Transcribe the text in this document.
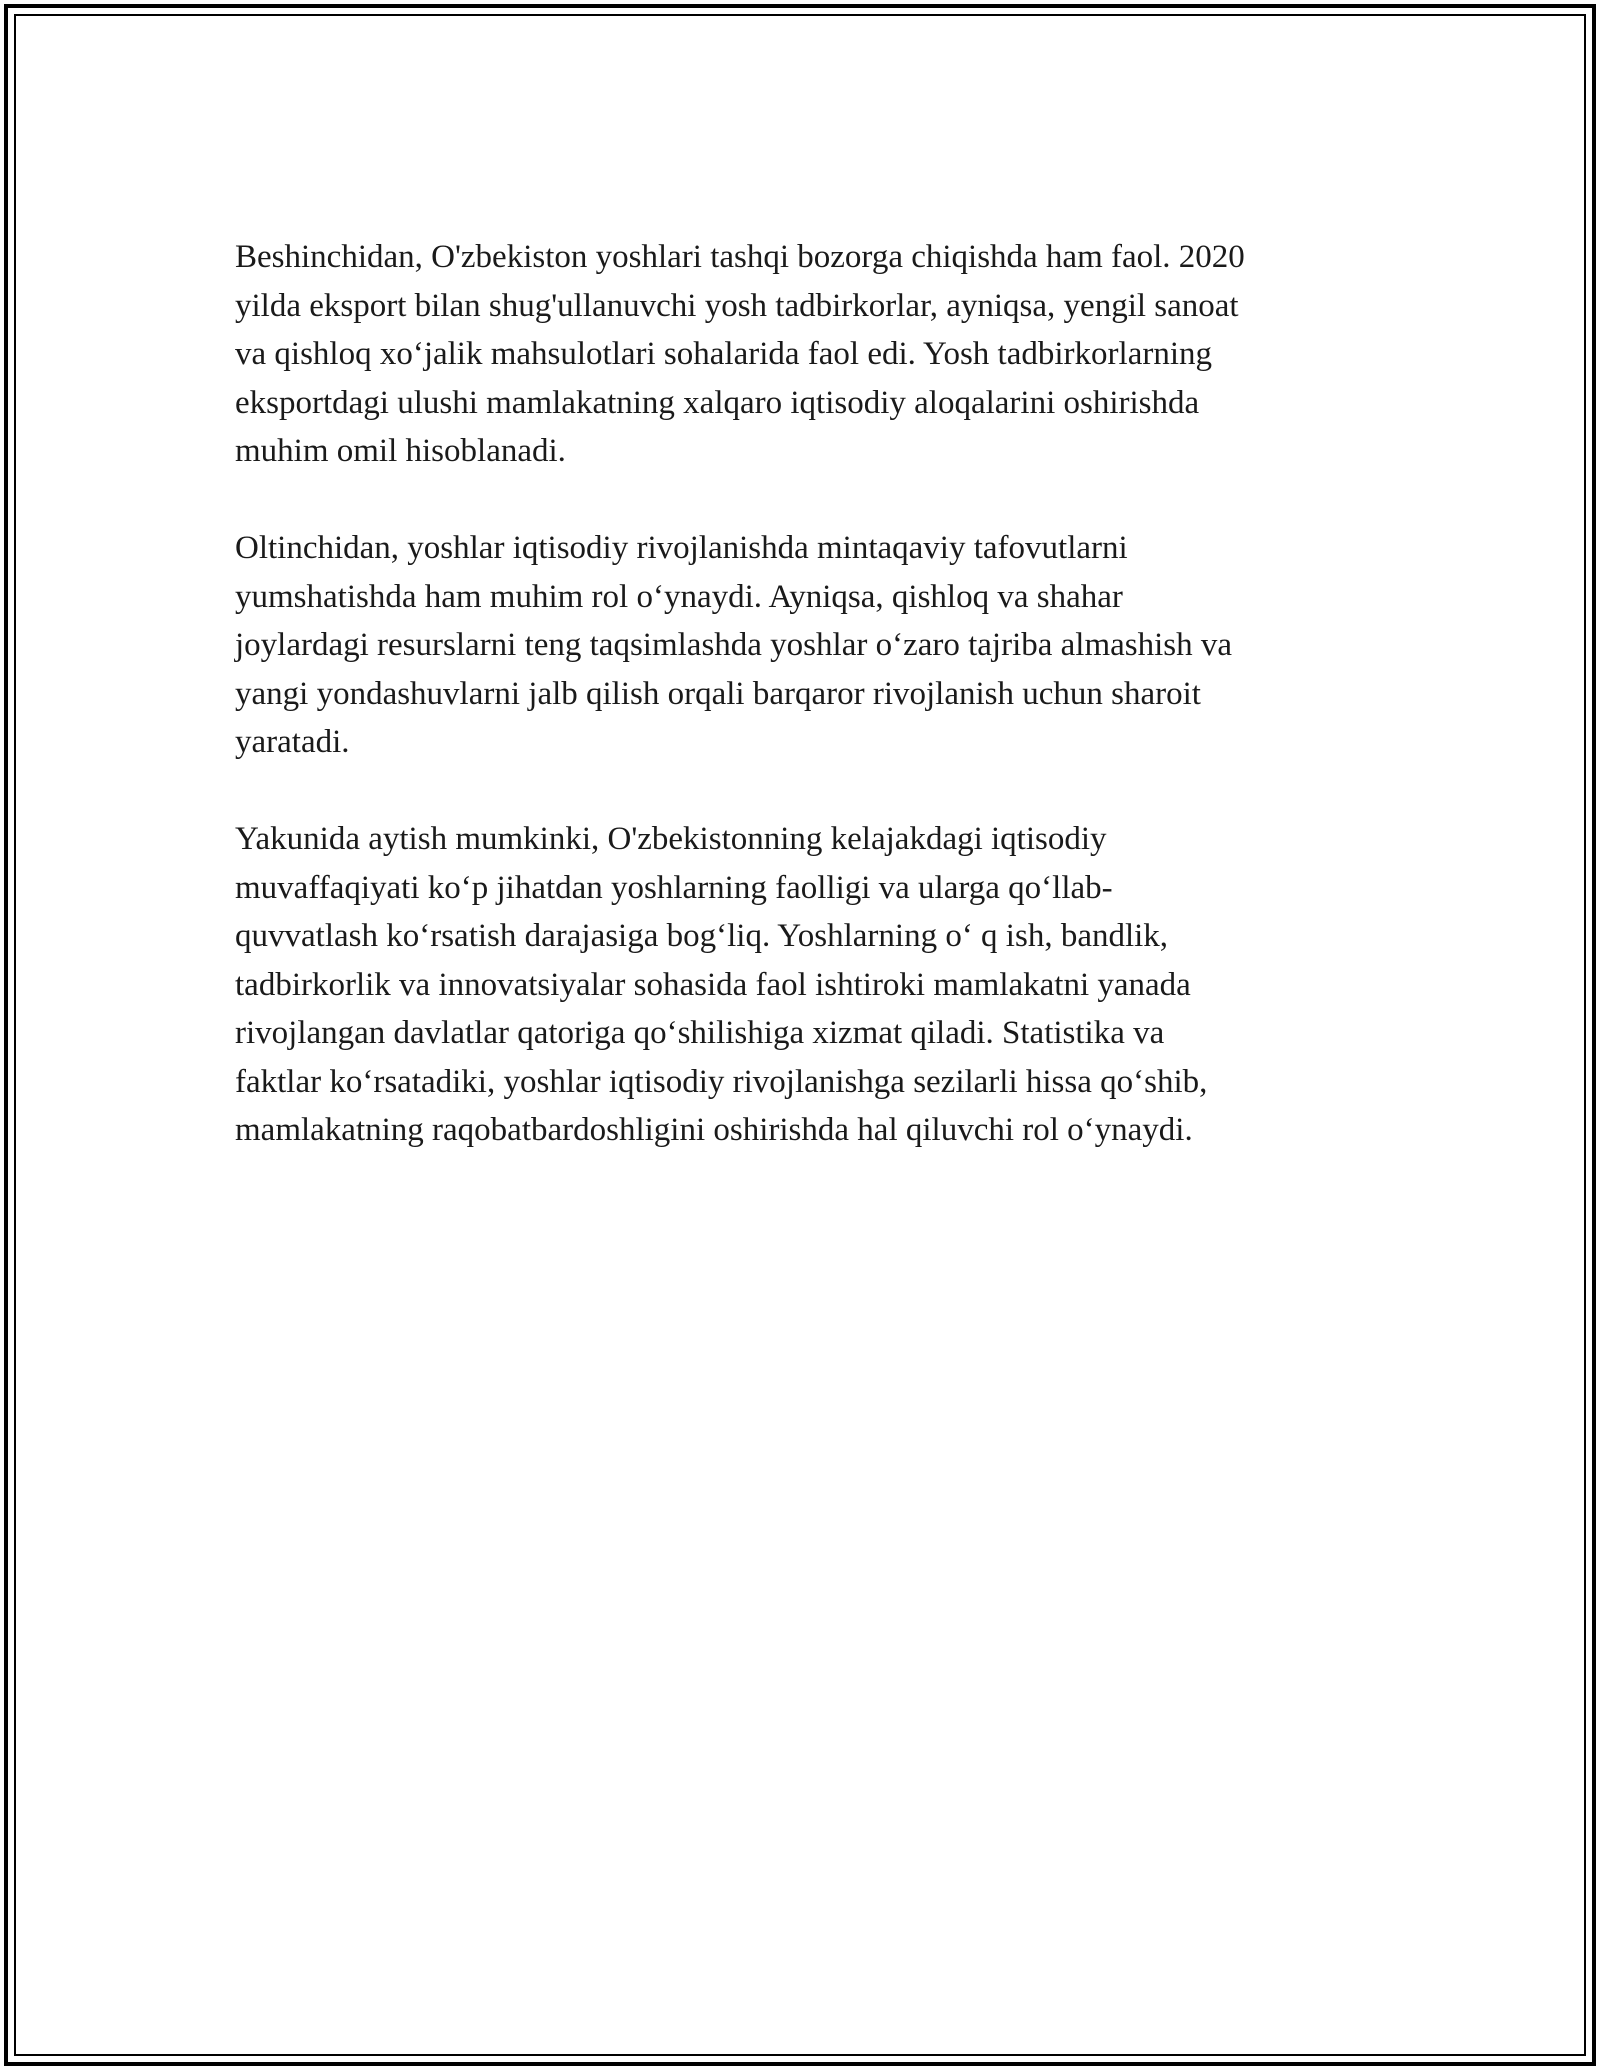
Beshinchidan, O'zbekiston yoshlari tashqi bozorga chiqishda ham faol. 2020
yilda eksport bilan shug'ullanuvchi yosh tadbirkorlar, ayniqsa, yengil sanoat
va qishloq xo‘jalik mahsulotlari sohalarida faol edi. Yosh tadbirkorlarning
eksportdagi ulushi mamlakatning xalqaro iqtisodiy aloqalarini oshirishda
muhim omil hisoblanadi.

Oltinchidan, yoshlar iqtisodiy rivojlanishda mintaqaviy tafovutlarni
yumshatishda ham muhim rol o‘ynaydi. Ayniqsa, qishloq va shahar
joylardagi resurslarni teng taqsimlashda yoshlar o‘zaro tajriba almashish va
yangi yondashuvlarni jalb qilish orqali barqaror rivojlanish uchun sharoit
yaratadi.

Yakunida aytish mumkinki, O'zbekistonning kelajakdagi iqtisodiy
muvaffaqiyati ko‘p jihatdan yoshlarning faolligi va ularga qo‘llab-
quvvatlash ko‘rsatish darajasiga bog‘liq. Yoshlarning o‘ q ish, bandlik,
tadbirkorlik va innovatsiyalar sohasida faol ishtiroki mamlakatni yanada
rivojlangan davlatlar qatoriga qo‘shilishiga xizmat qiladi. Statistika va
faktlar ko‘rsatadiki, yoshlar iqtisodiy rivojlanishga sezilarli hissa qo‘shib,
mamlakatning raqobatbardoshligini oshirishda hal qiluvchi rol o‘ynaydi.
